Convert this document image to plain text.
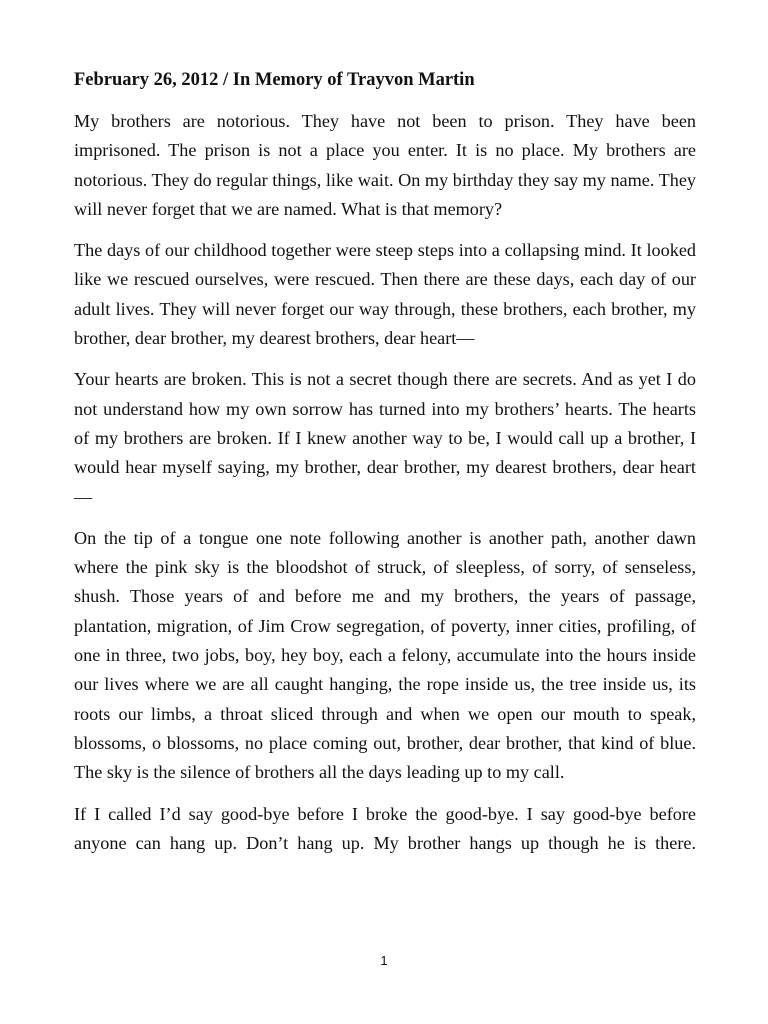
February 26, 2012 / In Memory of Trayvon Martin

My brothers are notorious. They have not been to prison. They have been imprisoned. The prison is not a place you enter. It is no place. My brothers are notorious. They do regular things, like wait. On my birthday they say my name. They will never forget that we are named. What is that memory?

The days of our childhood together were steep steps into a collapsing mind. It looked like we rescued ourselves, were rescued. Then there are these days, each day of our adult lives. They will never forget our way through, these brothers, each brother, my brother, dear brother, my dearest brothers, dear heart—

Your hearts are broken. This is not a secret though there are secrets. And as yet I do not understand how my own sorrow has turned into my brothers’ hearts. The hearts of my brothers are broken. If I knew another way to be, I would call up a brother, I would hear myself saying, my brother, dear brother, my dearest brothers, dear heart—

On the tip of a tongue one note following another is another path, another dawn where the pink sky is the bloodshot of struck, of sleepless, of sorry, of senseless, shush. Those years of and before me and my brothers, the years of passage, plantation, migration, of Jim Crow segregation, of poverty, inner cities, profiling, of one in three, two jobs, boy, hey boy, each a felony, accumulate into the hours inside our lives where we are all caught hanging, the rope inside us, the tree inside us, its roots our limbs, a throat sliced through and when we open our mouth to speak, blossoms, o blossoms, no place coming out, brother, dear brother, that kind of blue. The sky is the silence of brothers all the days leading up to my call.

If I called I’d say good-bye before I broke the good-bye. I say good-bye before anyone can hang up. Don’t hang up. My brother hangs up though he is there.

1
